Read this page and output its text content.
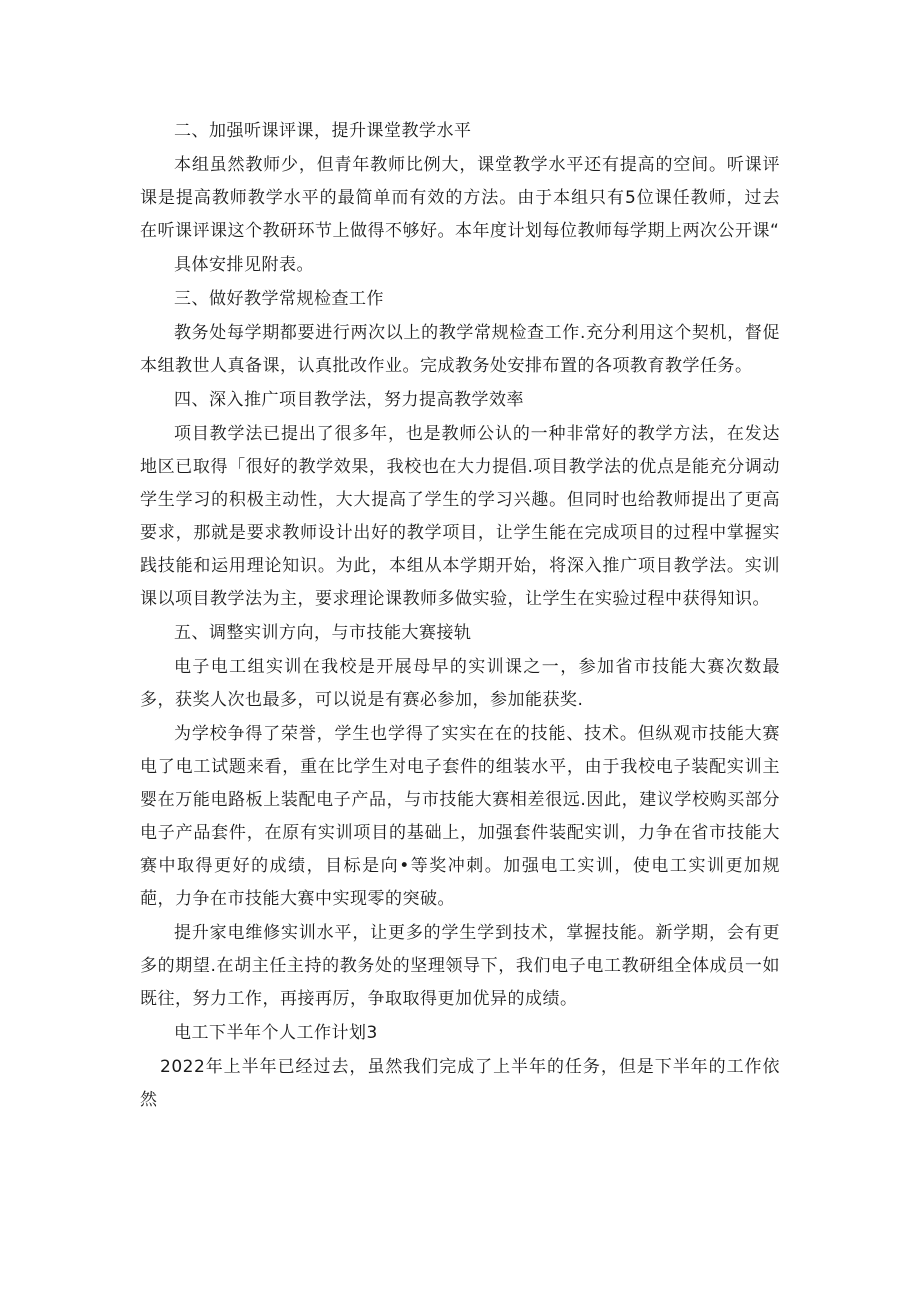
二、加强听课评课，提升课堂教学水平

本组虽然教师少，但青年教师比例大，课堂教学水平还有提高的空间。听课评课是提高教师教学水平的最简单而有效的方法。由于本组只有5位课任教师，过去在听课评课这个教研环节上做得不够好。本年度计划每位教师每学期上两次公开课“

具体安排见附表。

三、做好教学常规检查工作

教务处每学期都要进行两次以上的教学常规检查工作.充分利用这个契机，督促本组教世人真备课，认真批改作业。完成教务处安排布置的各项教育教学任务。

四、深入推广项目教学法，努力提高教学效率

项目教学法已提出了很多年，也是教师公认的一种非常好的教学方法，在发达地区已取得「很好的教学效果，我校也在大力提倡.项目教学法的优点是能充分调动学生学习的积极主动性，大大提高了学生的学习兴趣。但同时也给教师提出了更高要求，那就是要求教师设计出好的教学项目，让学生能在完成项目的过程中掌握实践技能和运用理论知识。为此，本组从本学期开始，将深入推广项目教学法。实训课以项目教学法为主，要求理论课教师多做实验，让学生在实验过程中获得知识。

五、调整实训方向，与市技能大赛接轨

电子电工组实训在我校是开展母早的实训课之一，参加省市技能大赛次数最多，获奖人次也最多，可以说是有赛必参加，参加能获奖.

为学校争得了荣誉，学生也学得了实实在在的技能、技术。但纵观市技能大赛电了电工试题来看，重在比学生对电子套件的组装水平，由于我校电子装配实训主婴在万能电路板上装配电子产品，与市技能大赛相差很远.因此，建议学校购买部分电子产品套件，在原有实训项目的基础上，加强套件装配实训，力争在省市技能大赛中取得更好的成绩，目标是向•等奖冲刺。加强电工实训，使电工实训更加规葩，力争在市技能大赛中实现零的突破。

提升家电维修实训水平，让更多的学生学到技术，掌握技能。新学期，会有更多的期望.在胡主任主持的教务处的坚理领导下，我们电子电工教研组全体成员一如既往，努力工作，再接再厉，争取取得更加优异的成绩。

电工下半年个人工作计划3

2022年上半年已经过去，虽然我们完成了上半年的任务，但是下半年的工作依然
